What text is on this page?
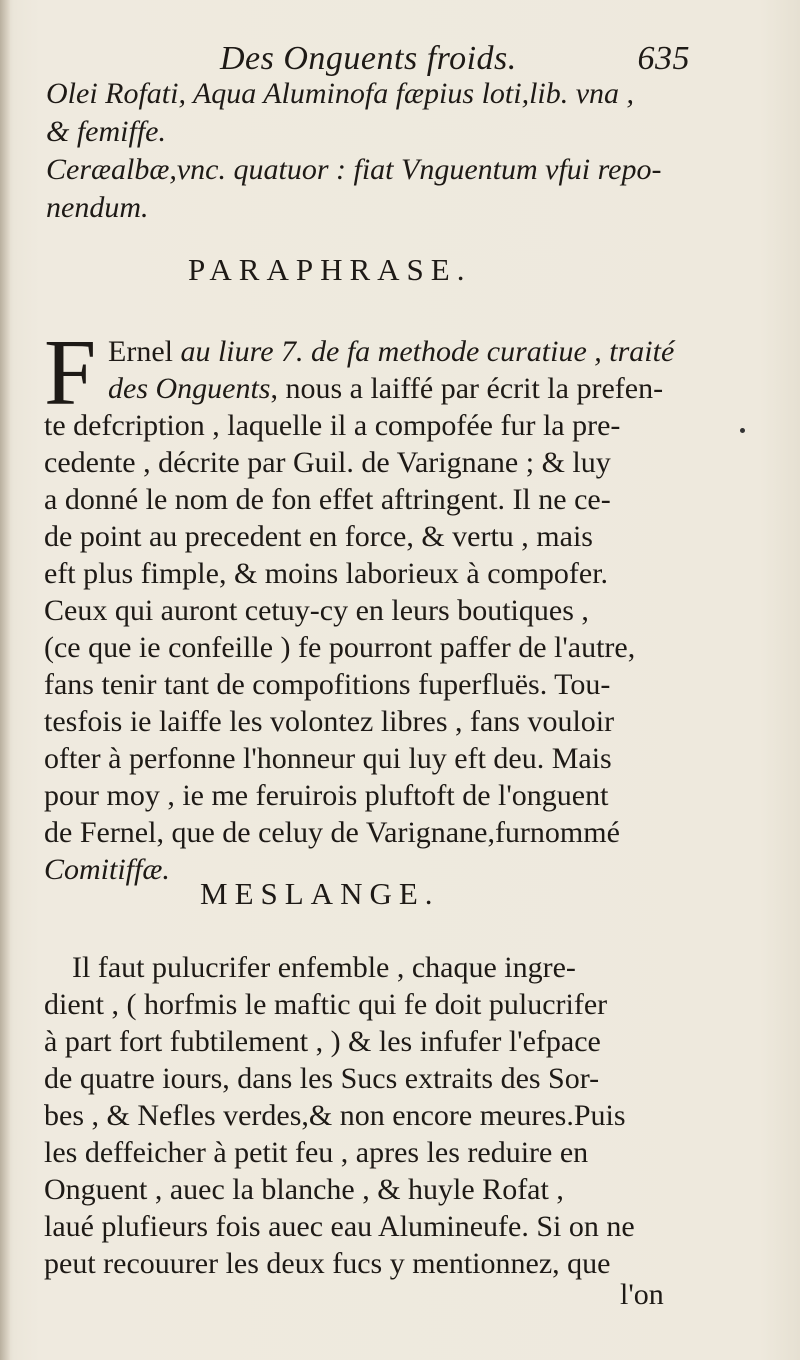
Des Onguents froids.	635
Olei Rofati, Aqua Aluminofa fæpius loti,lib. vna ,
& femiffe.
Ceræalbæ,vnc. quatuor : fiat Vnguentum vfui repo-
nendum.
PARAPHRASE.
F Ernel au liure 7. de fa methode curatiue , traité
des Onguents, nous a laiffé par écrit la prefen-
te defcription , laquelle il a compofée fur la pre-
cedente , décrite par Guil. de Varignane ; & luy
a donné le nom de fon effet aftringent. Il ne ce-
de point au precedent en force, & vertu , mais
eft plus fimple, & moins laborieux à compofer.
Ceux qui auront cetuy-cy en leurs boutiques ,
(ce que ie confeille ) fe pourront paffer de l'autre,
fans tenir tant de compofitions fuperfluës. Tou-
tesfois ie laiffe les volontez libres , fans vouloir
ofter à perfonne l'honneur qui luy eft deu. Mais
pour moy , ie me feruirois pluftoft de l'onguent
de Fernel, que de celuy de Varignane,furnommé
Comitiffæ.
MESLANGE.
Il faut pulucrifer enfemble , chaque ingre-
dient , ( horfmis le maftic qui fe doit pulucrifer
à part fort fubtilement , ) & les infufer l'efpace
de quatre iours, dans les Sucs extraits des Sor-
bes , & Nefles verdes,& non encore meures.Puis
les deffeicher à petit feu , apres les reduire en
Onguent , auec la blanche , & huyle Rofat ,
laué plufieurs fois auec eau Alumineufe. Si on ne
peut recouurer les deux fucs y mentionnez, que
l'on
